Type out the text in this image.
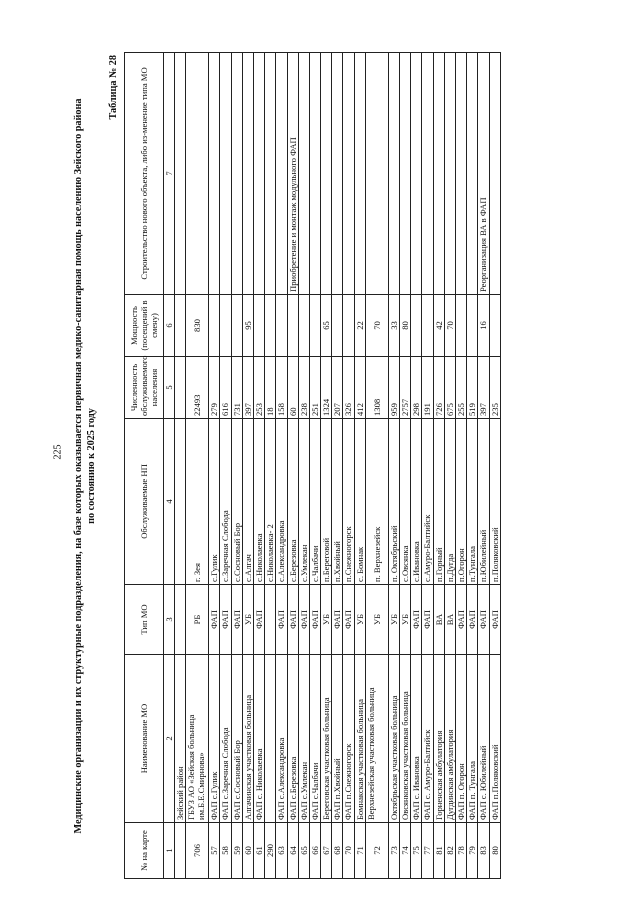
225 Медицинские организации и их структурные подразделения, на базе которых оказывается первичная медико-санитарная помощь населению Зейского района по состоянию к 2025 году
Таблица № 28
№ на карте	Наименование МО	Тип МО	Обслуживаемые НП	Численность обслуживаемого населения	Мощность (посещений в смену)	Строительство нового объекта, либо из-менение типа МО
1	2	3	4	5	6	7
	Зейский район					
706	ГБУЗ АО «Зейская больница им.Б.Е.Смирнова»	РБ	г. Зея	22493	830	
57	ФАП с.Гулик	ФАП	с.Гулик	279		
58	ФАП с.Заречная Слобода	ФАП	с.Заречная Слобода	616		
59	ФАП с.Сосновый Бор	ФАП	с.Сосновый Бор	731		
60	Алгачинская участковая больница	УБ	с.Алгач	397	95	
61	ФАП с. Николаевка	ФАП	с.Николаевка	253		
290			с.Николаевка- 2	18		
63	ФАП с.Александровка	ФАП	с.Александровка	158		
64	ФАП с.Березовка	ФАП	с.Березовка	60		Приобретение и монтаж модульного ФАП
65	ФАП с.Умлекан	ФАП	с.Умлекан	238		
66	ФАП с.Чалбачи	ФАП	с.Чалбачи	251		
67	Береговская участковая больница	УБ	п.Береговой	1324	65	
68	ФАП п.Хвойный	ФАП	п.Хвойный	207		
70	ФАП п.Снежногорск	ФАП	п.Снежногорск	326		
71	Бомнакская участковая больница	УБ	с. Бомнак	412	22	
72	Верхнезейская участковая больница	УБ	п. Верхнезейск	1308	70	
73	Октябрьская участковая больница	УБ	п. Октябрьский	959	33	
74	Овсянковская участковая больница	УБ	с.Овсянка	2757	80	
75	ФАП с. Ивановка	ФАП	с.Ивановка	298		
77	ФАП с. Амуро-Балтийск	ФАП	с.Амуро-Балтийск	191		
81	Горненская амбулатория	ВА	п.Горный	726	42	
82	Дугдинская амбулатория	ВА	п.Дугда	675	70	
78	ФАП п. Огорон	ФАП	п.Огорон	255		
79	ФАП п. Тунгала	ФАП	п.Тунгала	519		
83	ФАП с. Юбилейный	ФАП	п.Юбилейный	397	16	Реорганизация ВА в ФАП
80	ФАП п.Поляковский	ФАП	п.Поляковский	235		
